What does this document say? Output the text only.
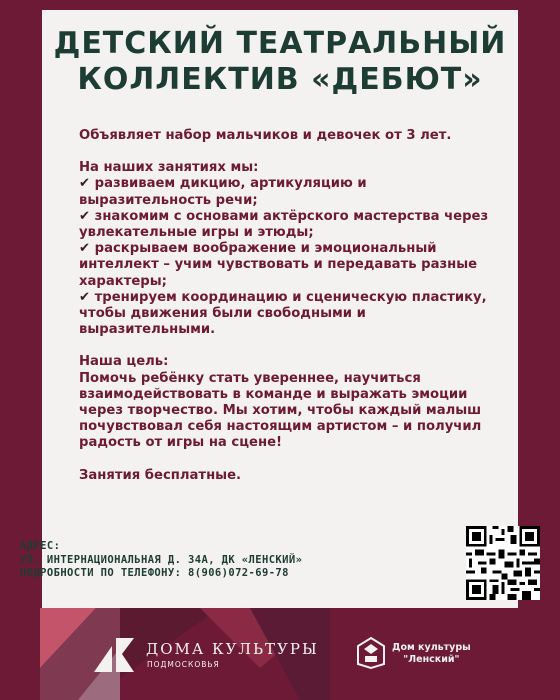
ДЕТСКИЙ ТЕАТРАЛЬНЫЙ
КОЛЛЕКТИВ «ДЕБЮТ»

Объявляет набор мальчиков и девочек от 3 лет.

На наших занятиях мы:

✔ развиваем дикцию, артикуляцию и выразительность речи;

✔ знакомим с основами актёрского мастерства через увлекательные игры и этюды;

✔ раскрываем воображение и эмоциональный интеллект – учим чувствовать и передавать разные характеры;

✔ тренируем координацию и сценическую пластику, чтобы движения были свободными и выразительными.

Наша цель:

Помочь ребёнку стать увереннее, научиться взаимодействовать в команде и выражать эмоции через творчество. Мы хотим, чтобы каждый малыш почувствовал себя настоящим артистом – и получил радость от игры на сцене!

Занятия бесплатные.

АДРЕС:
УЛ. ИНТЕРНАЦИОНАЛЬНАЯ Д. 34А, ДК «ЛЕНСКИЙ»
ПОДРОБНОСТИ ПО ТЕЛЕФОНУ: 8(906)072-69-78
ДОМА КУЛЬТУРЫ
ПОДМОСКОВЬЯ
Дом культуры
"Ленский"
